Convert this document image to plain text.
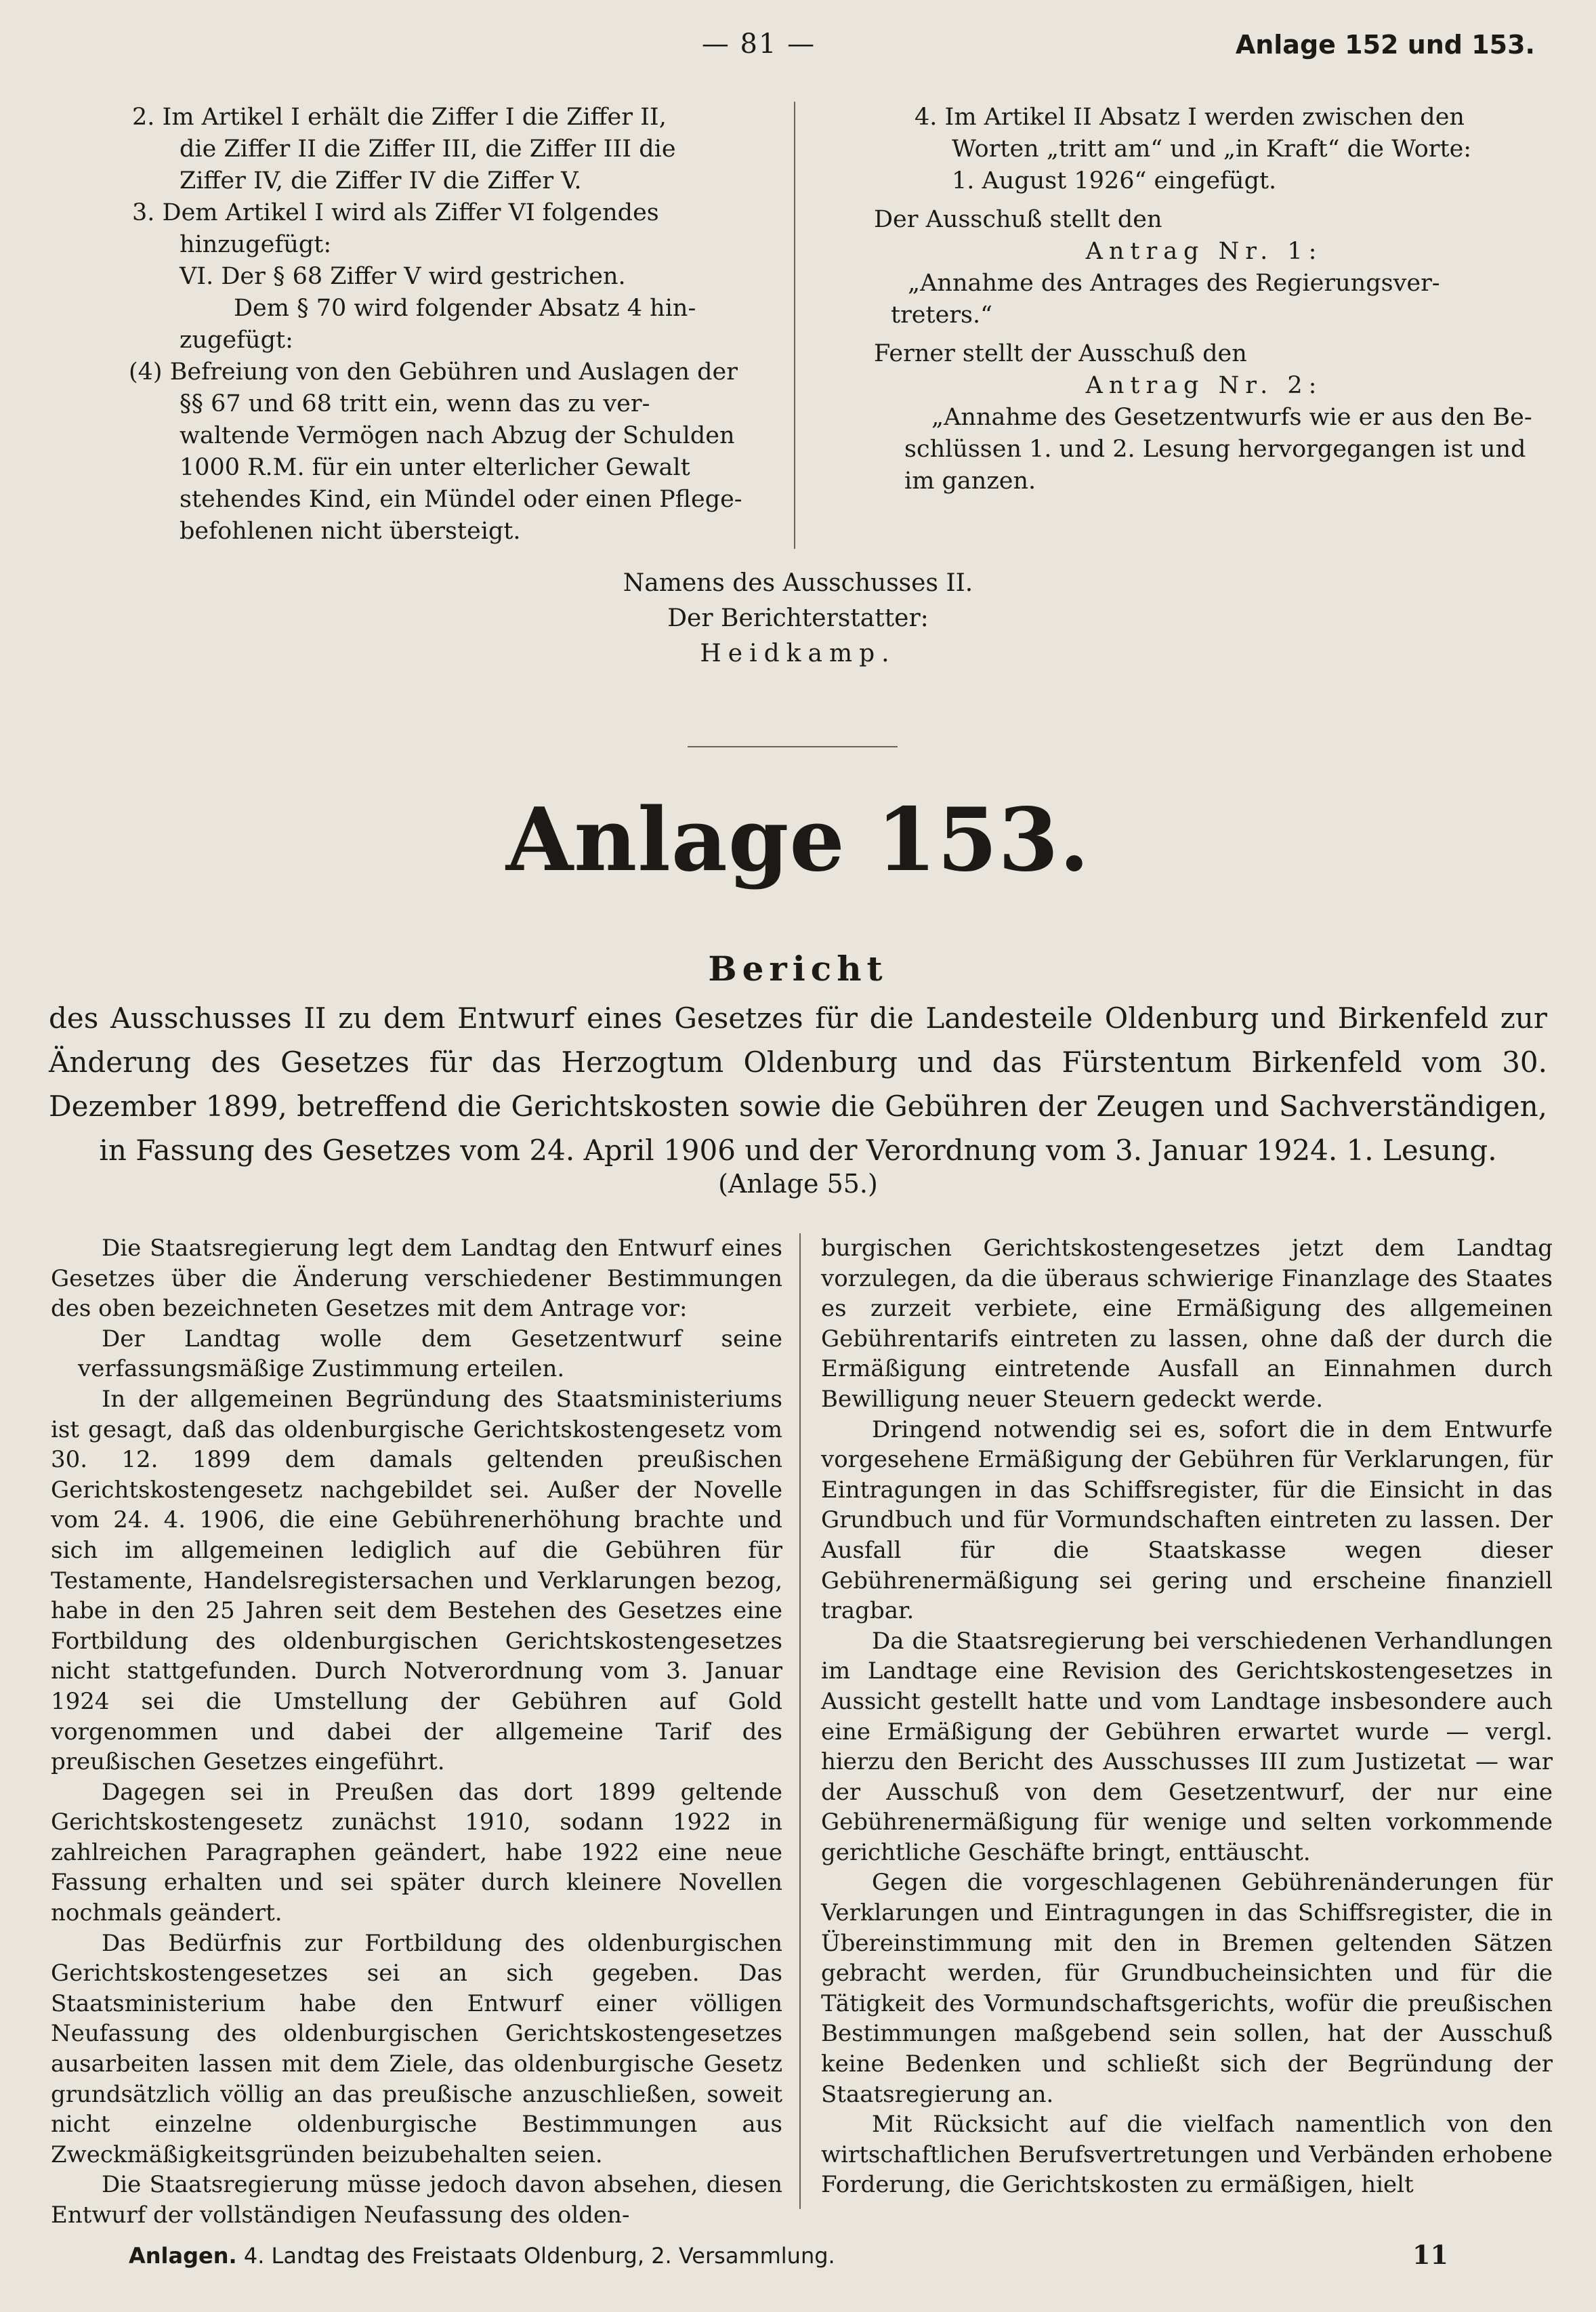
— 81 —	Anlage 152 und 153.

2. Im Artikel I erhält die Ziffer I die Ziffer II,

die Ziffer II die Ziffer III, die Ziffer III die

Ziffer IV, die Ziffer IV die Ziffer V.

3. Dem Artikel I wird als Ziffer VI folgendes

hinzugefügt:

VI. Der § 68 Ziffer V wird gestrichen.

Dem § 70 wird folgender Absatz 4 hin-

zugefügt:

(4) Befreiung von den Gebühren und Auslagen der

§§ 67 und 68 tritt ein, wenn das zu ver-

waltende Vermögen nach Abzug der Schulden

1000 R.M. für ein unter elterlicher Gewalt

stehendes Kind, ein Mündel oder einen Pflege-

befohlenen nicht übersteigt.

4. Im Artikel II Absatz I werden zwischen den

Worten „tritt am“ und „in Kraft“ die Worte:

1. August 1926“ eingefügt.

Der Ausschuß stellt den

Antrag Nr. 1:

„Annahme des Antrages des Regierungsver-

treters.“

Ferner stellt der Ausschuß den

Antrag Nr. 2:

„Annahme des Gesetzentwurfs wie er aus den Be-

schlüssen 1. und 2. Lesung hervorgegangen ist und

im ganzen.

Namens des Ausschusses II.

Der Berichterstatter:

Heidkamp.

Anlage 153.
Bericht
des Ausschusses II zu dem Entwurf eines Gesetzes für die Landesteile Oldenburg und Birkenfeld zur Änderung des Gesetzes für das Herzogtum Oldenburg und das Fürstentum Birkenfeld vom 30. Dezember 1899, betreffend die Gerichtskosten sowie die Gebühren der Zeugen und Sachverständigen, in Fassung des Gesetzes vom 24. April 1906 und der Verordnung vom 3. Januar 1924. 1. Lesung.
(Anlage 55.)

Die Staatsregierung legt dem Landtag den Entwurf eines Gesetzes über die Änderung verschiedener Bestimmungen des oben bezeichneten Gesetzes mit dem Antrage vor:

Der Landtag wolle dem Gesetzentwurf seine verfassungsmäßige Zustimmung erteilen.

In der allgemeinen Begründung des Staatsministeriums ist gesagt, daß das oldenburgische Gerichtskostengesetz vom 30. 12. 1899 dem damals geltenden preußischen Gerichtskostengesetz nachgebildet sei. Außer der Novelle vom 24. 4. 1906, die eine Gebührenerhöhung brachte und sich im allgemeinen lediglich auf die Gebühren für Testamente, Handelsregistersachen und Verklarungen bezog, habe in den 25 Jahren seit dem Bestehen des Gesetzes eine Fortbildung des oldenburgischen Gerichtskostengesetzes nicht stattgefunden. Durch Notverordnung vom 3. Januar 1924 sei die Umstellung der Gebühren auf Gold vorgenommen und dabei der allgemeine Tarif des preußischen Gesetzes eingeführt.

Dagegen sei in Preußen das dort 1899 geltende Gerichtskostengesetz zunächst 1910, sodann 1922 in zahlreichen Paragraphen geändert, habe 1922 eine neue Fassung erhalten und sei später durch kleinere Novellen nochmals geändert.

Das Bedürfnis zur Fortbildung des oldenburgischen Gerichtskostengesetzes sei an sich gegeben. Das Staatsministerium habe den Entwurf einer völligen Neufassung des oldenburgischen Gerichtskostengesetzes ausarbeiten lassen mit dem Ziele, das oldenburgische Gesetz grundsätzlich völlig an das preußische anzuschließen, soweit nicht einzelne oldenburgische Bestimmungen aus Zweckmäßigkeitsgründen beizubehalten seien.

Die Staatsregierung müsse jedoch davon absehen, diesen Entwurf der vollständigen Neufassung des olden-

burgischen Gerichtskostengesetzes jetzt dem Landtag vorzulegen, da die überaus schwierige Finanzlage des Staates es zurzeit verbiete, eine Ermäßigung des allgemeinen Gebührentarifs eintreten zu lassen, ohne daß der durch die Ermäßigung eintretende Ausfall an Einnahmen durch Bewilligung neuer Steuern gedeckt werde.

Dringend notwendig sei es, sofort die in dem Entwurfe vorgesehene Ermäßigung der Gebühren für Verklarungen, für Eintragungen in das Schiffsregister, für die Einsicht in das Grundbuch und für Vormundschaften eintreten zu lassen. Der Ausfall für die Staatskasse wegen dieser Gebührenermäßigung sei gering und erscheine finanziell tragbar.

Da die Staatsregierung bei verschiedenen Verhandlungen im Landtage eine Revision des Gerichtskostengesetzes in Aussicht gestellt hatte und vom Landtage insbesondere auch eine Ermäßigung der Gebühren erwartet wurde — vergl. hierzu den Bericht des Ausschusses III zum Justizetat — war der Ausschuß von dem Gesetzentwurf, der nur eine Gebührenermäßigung für wenige und selten vorkommende gerichtliche Geschäfte bringt, enttäuscht.

Gegen die vorgeschlagenen Gebührenänderungen für Verklarungen und Eintragungen in das Schiffsregister, die in Übereinstimmung mit den in Bremen geltenden Sätzen gebracht werden, für Grundbucheinsichten und für die Tätigkeit des Vormundschaftsgerichts, wofür die preußischen Bestimmungen maßgebend sein sollen, hat der Ausschuß keine Bedenken und schließt sich der Begründung der Staatsregierung an.

Mit Rücksicht auf die vielfach namentlich von den wirtschaftlichen Berufsvertretungen und Verbänden erhobene Forderung, die Gerichtskosten zu ermäßigen, hielt

Anlagen. 4. Landtag des Freistaats Oldenburg, 2. Versammlung.	11
